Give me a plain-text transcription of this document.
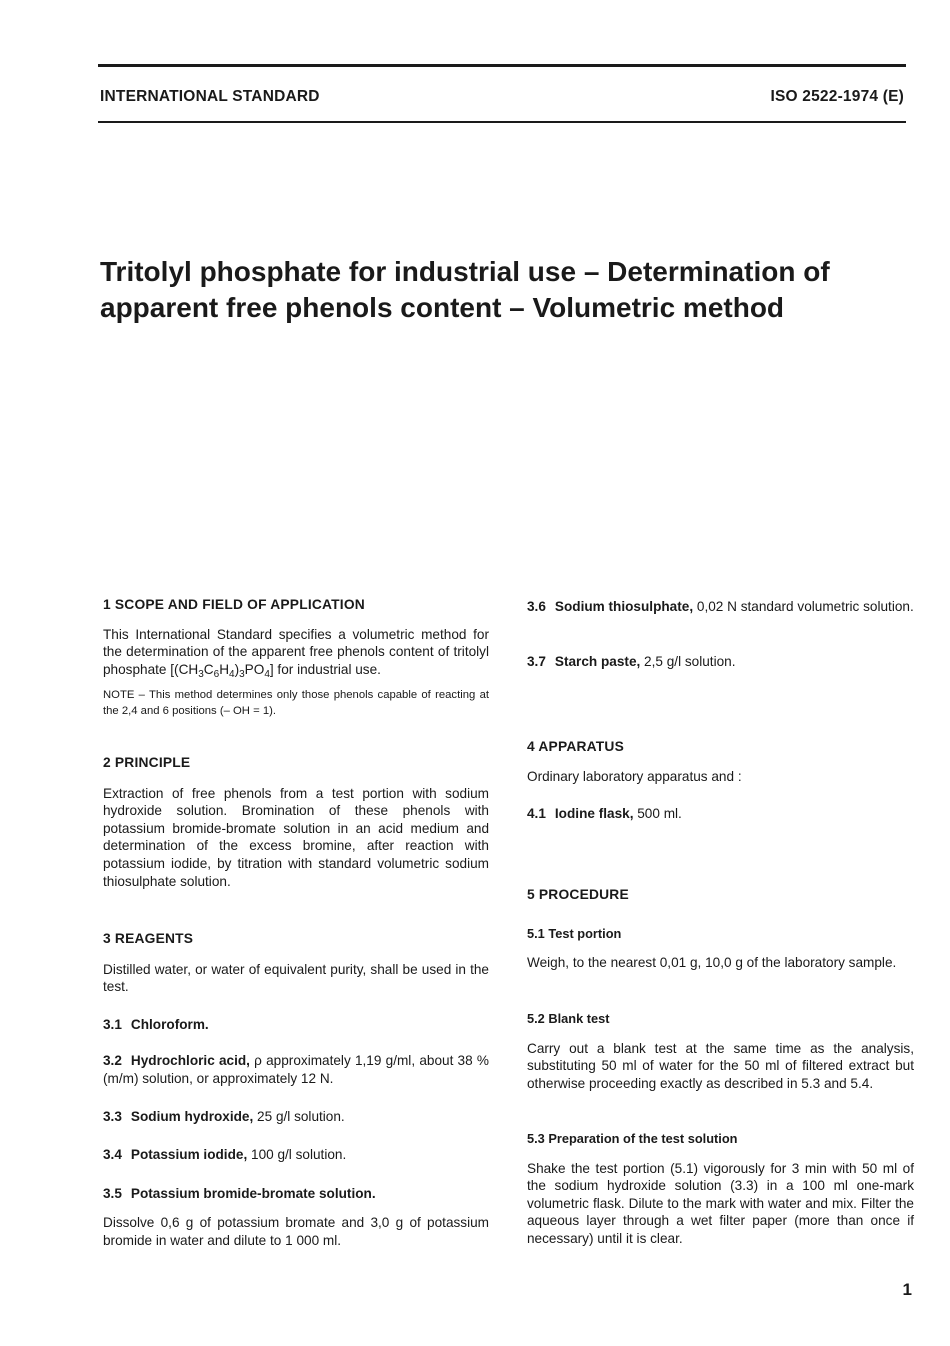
INTERNATIONAL STANDARD	ISO 2522-1974 (E)
Tritolyl phosphate for industrial use – Determination of
apparent free phenols content – Volumetric method

1 SCOPE AND FIELD OF APPLICATION

This International Standard specifies a volumetric method for the determination of the apparent free phenols content of tritolyl phosphate $[(CH_3C_6H_4)_3PO_4]$ for industrial use.

NOTE – This method determines only those phenols capable of reacting at the 2,4 and 6 positions (– OH = 1).

2 PRINCIPLE

Extraction of free phenols from a test portion with sodium hydroxide solution. Bromination of these phenols with potassium bromide-bromate solution in an acid medium and determination of the excess bromine, after reaction with potassium iodide, by titration with standard volumetric sodium thiosulphate solution.

3 REAGENTS

Distilled water, or water of equivalent purity, shall be used in the test.

3.1 Chloroform.

3.2 Hydrochloric acid, ρ approximately 1,19 g/ml, about 38 % (m/m) solution, or approximately 12 N.

3.3 Sodium hydroxide, 25 g/l solution.

3.4 Potassium iodide, 100 g/l solution.

3.5 Potassium bromide-bromate solution.

Dissolve 0,6 g of potassium bromate and 3,0 g of potassium bromide in water and dilute to 1 000 ml.

3.6 Sodium thiosulphate, 0,02 N standard volumetric solution.

3.7 Starch paste, 2,5 g/l solution.

4 APPARATUS

Ordinary laboratory apparatus and :

4.1 Iodine flask, 500 ml.

5 PROCEDURE

5.1 Test portion

Weigh, to the nearest 0,01 g, 10,0 g of the laboratory sample.

5.2 Blank test

Carry out a blank test at the same time as the analysis, substituting 50 ml of water for the 50 ml of filtered extract but otherwise proceeding exactly as described in 5.3 and 5.4.

5.3 Preparation of the test solution

Shake the test portion (5.1) vigorously for 3 min with 50 ml of the sodium hydroxide solution (3.3) in a 100 ml one-mark volumetric flask. Dilute to the mark with water and mix. Filter the aqueous layer through a wet filter paper (more than once if necessary) until it is clear.

1
